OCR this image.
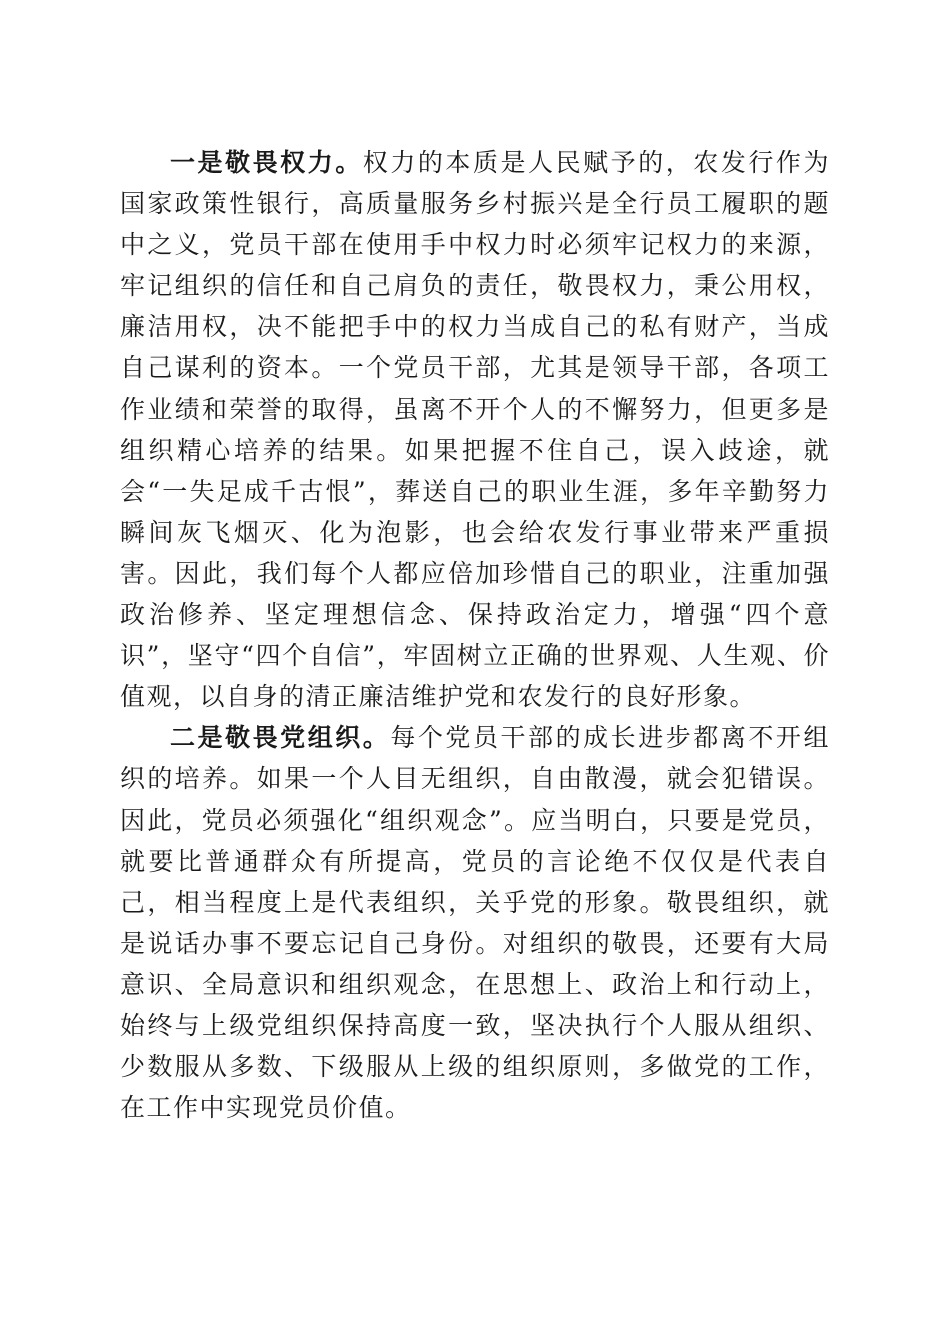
一是敬畏权力。权力的本质是人民赋予的，农发行作为国家政策性银行，高质量服务乡村振兴是全行员工履职的题中之义，党员干部在使用手中权力时必须牢记权力的来源，牢记组织的信任和自己肩负的责任，敬畏权力，秉公用权，廉洁用权，决不能把手中的权力当成自己的私有财产，当成自己谋利的资本。一个党员干部，尤其是领导干部，各项工作业绩和荣誉的取得，虽离不开个人的不懈努力，但更多是组织精心培养的结果。如果把握不住自己，误入歧途，就会“一失足成千古恨”，葬送自己的职业生涯，多年辛勤努力瞬间灰飞烟灭、化为泡影，也会给农发行事业带来严重损害。因此，我们每个人都应倍加珍惜自己的职业，注重加强政治修养、坚定理想信念、保持政治定力，增强“四个意识”，坚守“四个自信”，牢固树立正确的世界观、人生观、价值观，以自身的清正廉洁维护党和农发行的良好形象。

二是敬畏党组织。每个党员干部的成长进步都离不开组织的培养。如果一个人目无组织，自由散漫，就会犯错误。因此，党员必须强化“组织观念”。应当明白，只要是党员，就要比普通群众有所提高，党员的言论绝不仅仅是代表自己，相当程度上是代表组织，关乎党的形象。敬畏组织，就是说话办事不要忘记自己身份。对组织的敬畏，还要有大局意识、全局意识和组织观念，在思想上、政治上和行动上，始终与上级党组织保持高度一致，坚决执行个人服从组织、少数服从多数、下级服从上级的组织原则，多做党的工作，在工作中实现党员价值。
